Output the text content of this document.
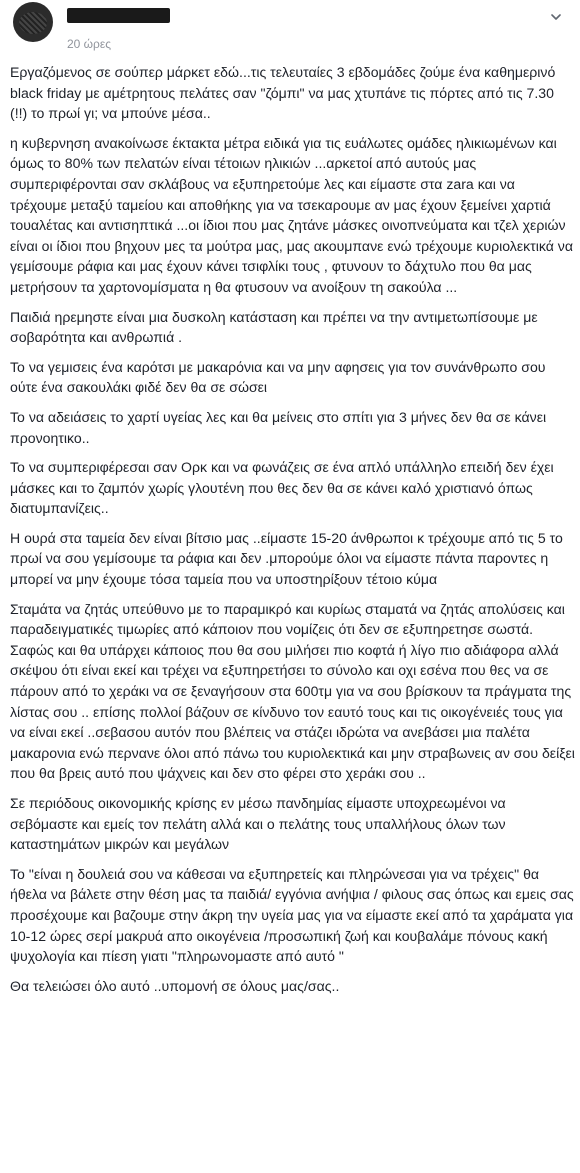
20 ώρες

Εργαζόμενος σε σούπερ μάρκετ εδώ...τις τελευταίες 3 εβδομάδες ζούμε ένα καθημερινό black friday με αμέτρητους πελάτες σαν "ζόμπι" να μας χτυπάνε τις πόρτες από τις 7.30 (!!) το πρωί γι; να μπούνε μέσα..

η κυβερνηση ανακοίνωσε έκτακτα μέτρα ειδικά για τις ευάλωτες ομάδες ηλικιωμένων και όμως το 80% των πελατών είναι τέτοιων ηλικιών ...αρκετοί από αυτούς μας συμπεριφέρονται σαν σκλάβους να εξυπηρετούμε λες και είμαστε στα zara και να τρέχουμε μεταξύ ταμείου και αποθήκης για να τσεκαρουμε αν μας έχουν ξεμείνει χαρτιά τουαλέτας και αντισηπτικά ...οι ίδιοι που μας ζητάνε μάσκες οινοπνεύματα και τζελ χεριών είναι οι ίδιοι που βηχουν μες τα μούτρα μας, μας ακουμπανε ενώ τρέχουμε κυριολεκτικά να γεμίσουμε ράφια και μας έχουν κάνει τσιφλίκι τους , φτυνουν το δάχτυλο που θα μας μετρήσουν τα χαρτονομίσματα η θα φτυσουν να ανοίξουν τη σακούλα ...

Παιδιά ηρεμηστε είναι μια δυσκολη κατάσταση και πρέπει να την αντιμετωπίσουμε με σοβαρότητα και ανθρωπιά .

Το να γεμισεις ένα καρότσι με μακαρόνια και να μην αφησεις για τον συνάνθρωπο σου ούτε ένα σακουλάκι φιδέ δεν θα σε σώσει

Το να αδειάσεις το χαρτί υγείας λες και θα μείνεις στο σπίτι για 3 μήνες δεν θα σε κάνει προνοητικο..

Το να συμπεριφέρεσαι σαν Ορκ και να φωνάζεις σε ένα απλό υπάλληλο επειδή δεν έχει μάσκες και το ζαμπόν χωρίς γλουτένη που θες δεν θα σε κάνει καλό χριστιανό όπως διατυμπανίζεις..

Η ουρά στα ταμεία δεν είναι βίτσιο μας ..είμαστε 15-20 άνθρωποι κ τρέχουμε από τις 5 το πρωί να σου γεμίσουμε τα ράφια και δεν .μπορούμε όλοι να είμαστε πάντα παροντες η μπορεί να μην έχουμε τόσα ταμεία που να υποστηρίξουν τέτοιο κύμα

Σταμάτα να ζητάς υπεύθυνο με το παραμικρό και κυρίως σταματά να ζητάς απολύσεις και παραδειγματικές τιμωρίες από κάποιον που νομίζεις ότι δεν σε εξυπηρετησε σωστά. Σαφώς και θα υπάρχει κάποιος που θα σου μιλήσει πιο κοφτά ή λίγο πιο αδιάφορα αλλά σκέψου ότι είναι εκεί και τρέχει να εξυπηρετήσει το σύνολο και οχι εσένα που θες να σε πάρουν από το χεράκι να σε ξεναγήσουν στα 600τμ για να σου βρίσκουν τα πράγματα της λίστας σου .. επίσης πολλοί βάζουν σε κίνδυνο τον εαυτό τους και τις οικογένειές τους για να είναι εκεί ..σεβασου αυτόν που βλέπεις να στάζει ιδρώτα να ανεβάσει μια παλέτα μακαρονια ενώ περνανε όλοι από πάνω του κυριολεκτικά και μην στραβωνεις αν σου δείξει που θα βρεις αυτό που ψάχνεις και δεν στο φέρει στο χεράκι σου ..

Σε περιόδους οικονομικής κρίσης εν μέσω πανδημίας είμαστε υποχρεωμένοι να σεβόμαστε και εμείς τον πελάτη αλλά και ο πελάτης τους υπαλλήλους όλων των καταστημάτων μικρών και μεγάλων

Το "είναι η δουλειά σου να κάθεσαι να εξυπηρετείς και πληρώνεσαι για να τρέχεις" θα ήθελα να βάλετε στην θέση μας τα παιδιά/ εγγόνια ανήψια / φιλους σας όπως και εμεις σας προσέχουμε και βαζουμε στην άκρη την υγεία μας για να είμαστε εκεί από τα χαράματα για 10-12 ώρες σερί μακρυά απο οικογένεια /προσωπική ζωή και κουβαλάμε πόνους κακή ψυχολογία και πίεση γιατι "πληρωνομαστε από αυτό "

Θα τελειώσει όλο αυτό ..υπομονή σε όλους μας/σας..
